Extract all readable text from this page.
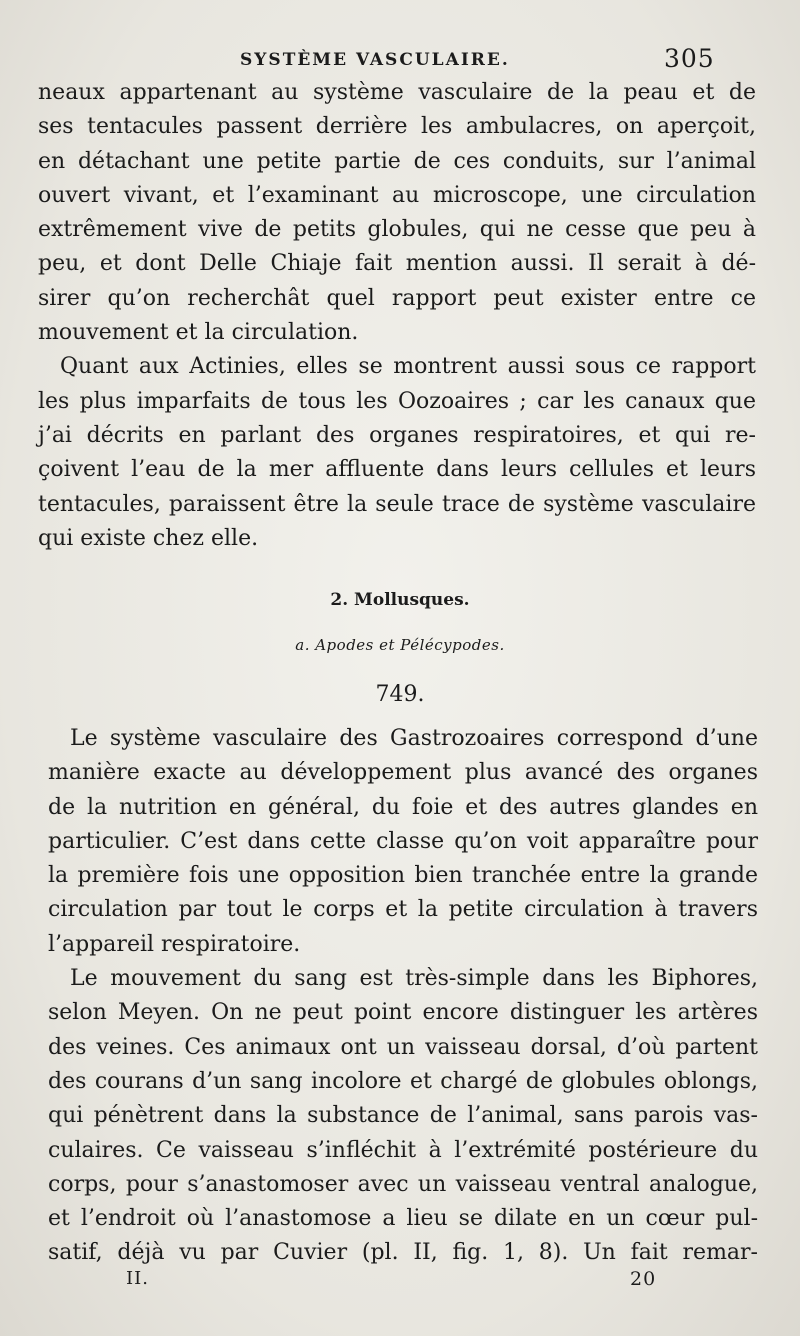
SYSTÈME VASCULAIRE.	305
neaux appartenant au système vasculaire de la peau et de
ses tentacules passent derrière les ambulacres, on aperçoit,
en détachant une petite partie de ces conduits, sur l’animal
ouvert vivant, et l’examinant au microscope, une circulation
extrêmement vive de petits globules, qui ne cesse que peu à
peu, et dont Delle Chiaje fait mention aussi. Il serait à dé-
sirer qu’on recherchât quel rapport peut exister entre ce
mouvement et la circulation.
Quant aux Actinies, elles se montrent aussi sous ce rapport
les plus imparfaits de tous les Oozoaires ; car les canaux que
j’ai décrits en parlant des organes respiratoires, et qui re-
çoivent l’eau de la mer affluente dans leurs cellules et leurs
tentacules, paraissent être la seule trace de système vasculaire
qui existe chez elle.
2. Mollusques.
a. Apodes et Pélécypodes.
749.
Le système vasculaire des Gastrozoaires correspond d’une
manière exacte au développement plus avancé des organes
de la nutrition en général, du foie et des autres glandes en
particulier. C’est dans cette classe qu’on voit apparaître pour
la première fois une opposition bien tranchée entre la grande
circulation par tout le corps et la petite circulation à travers
l’appareil respiratoire.
Le mouvement du sang est très-simple dans les Biphores,
selon Meyen. On ne peut point encore distinguer les artères
des veines. Ces animaux ont un vaisseau dorsal, d’où partent
des courans d’un sang incolore et chargé de globules oblongs,
qui pénètrent dans la substance de l’animal, sans parois vas-
culaires. Ce vaisseau s’infléchit à l’extrémité postérieure du
corps, pour s’anastomoser avec un vaisseau ventral analogue,
et l’endroit où l’anastomose a lieu se dilate en un cœur pul-
satif, déjà vu par Cuvier (pl. II, fig. 1, 8). Un fait remar-
II.	20
